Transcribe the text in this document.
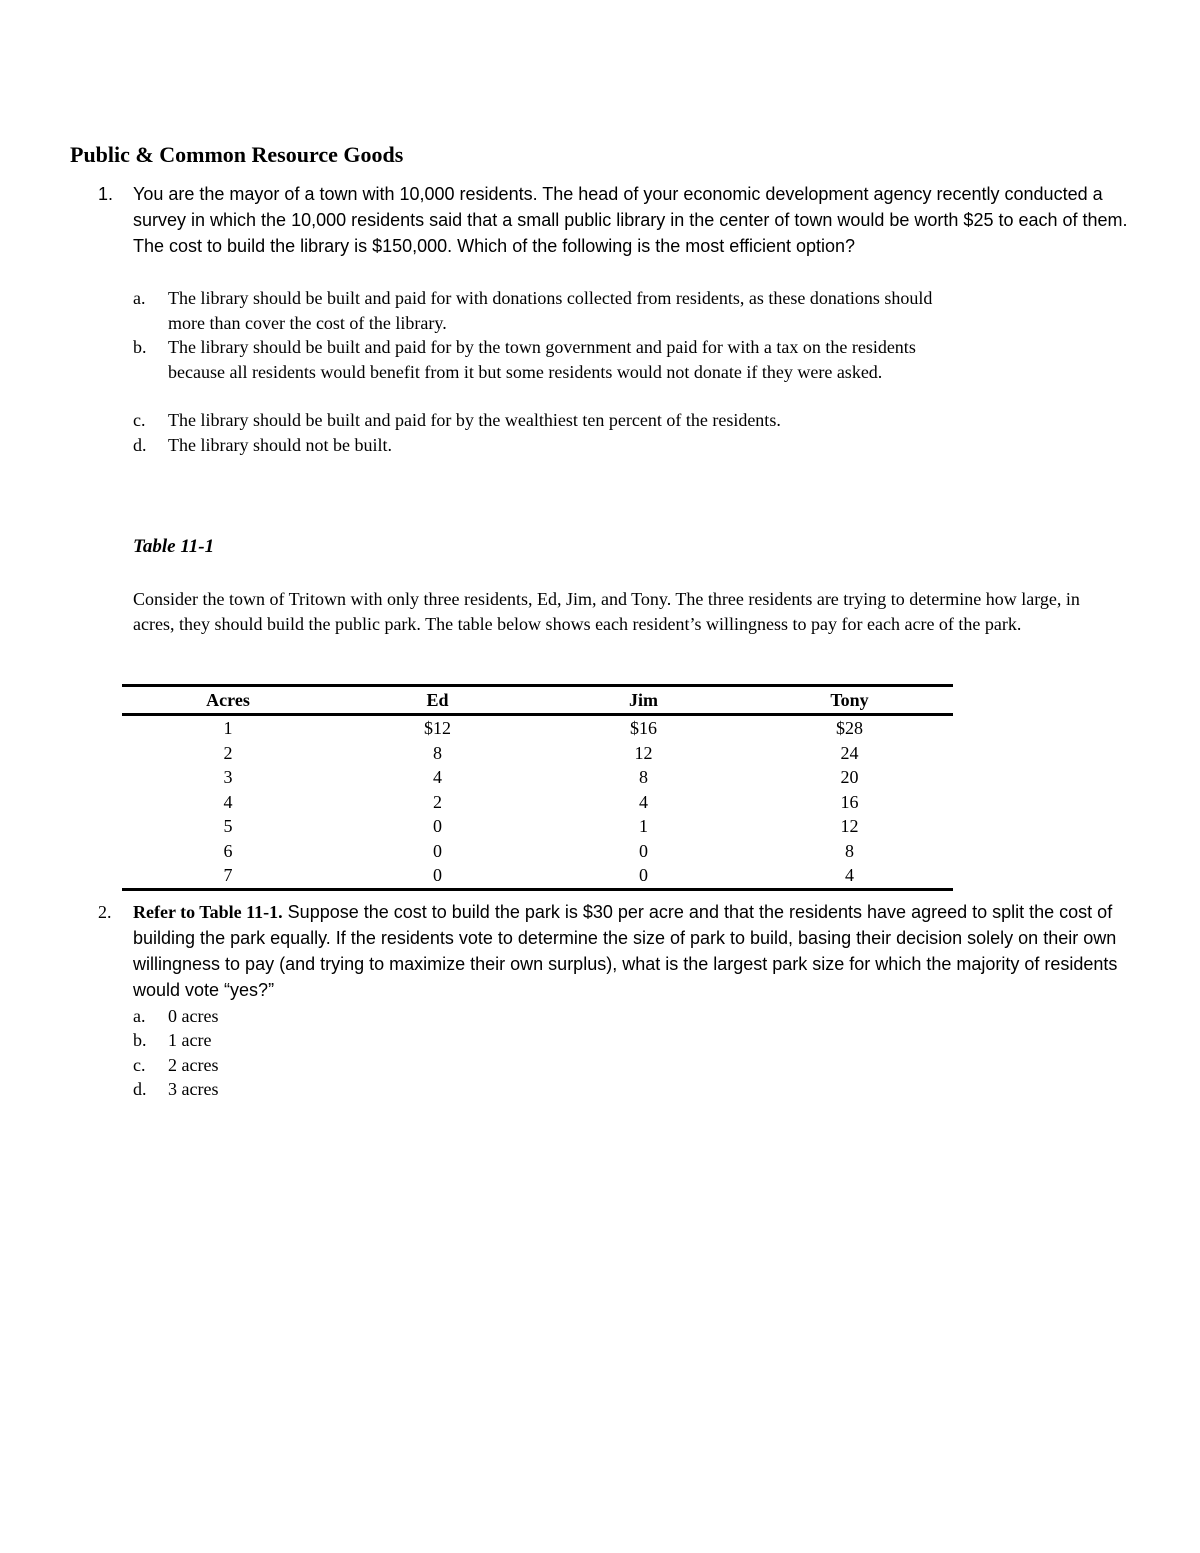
Public & Common Resource Goods
1.	You are the mayor of a town with 10,000 residents. The head of your economic development agency recently conducted a survey in which the 10,000 residents said that a small public library in the center of town would be worth $25 to each of them. The cost to build the library is $150,000. Which of the following is the most efficient option?
a. The library should be built and paid for with donations collected from residents, as these donations should more than cover the cost of the library.
b. The library should be built and paid for by the town government and paid for with a tax on the residents because all residents would benefit from it but some residents would not donate if they were asked.
c. The library should be built and paid for by the wealthiest ten percent of the residents.
d. The library should not be built.
Table 11-1
Consider the town of Tritown with only three residents, Ed, Jim, and Tony. The three residents are trying to determine how large, in acres, they should build the public park. The table below shows each resident’s willingness to pay for each acre of the park.
Acres	Ed	Jim	Tony
1	$12	$16	$28
2	8	12	24
3	4	8	20
4	2	4	16
5	0	1	12
6	0	0	8
7	0	0	4
2.	Refer to Table 11-1. Suppose the cost to build the park is $30 per acre and that the residents have agreed to split the cost of building the park equally. If the residents vote to determine the size of park to build, basing their decision solely on their own willingness to pay (and trying to maximize their own surplus), what is the largest park size for which the majority of residents would vote “yes?”
a. 0 acres
b. 1 acre
c. 2 acres
d. 3 acres
